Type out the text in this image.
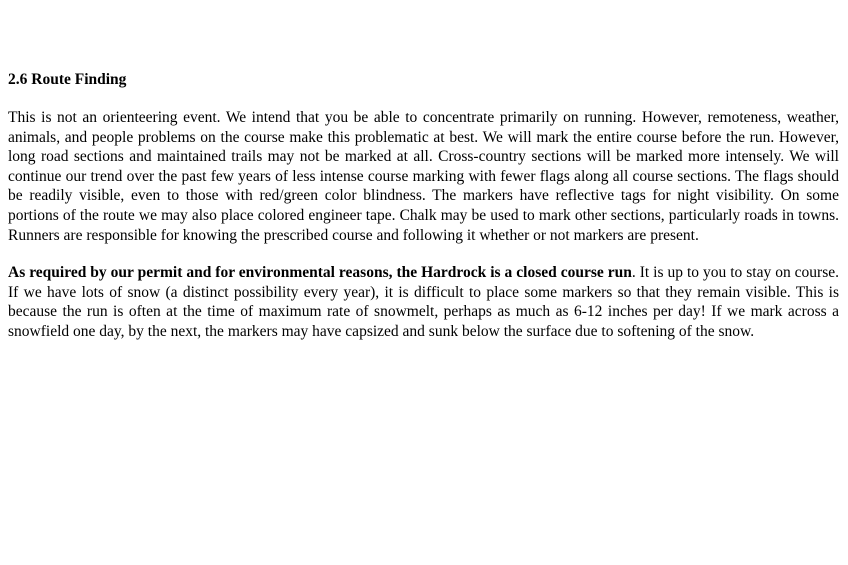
2.6 Route Finding

This is not an orienteering event. We intend that you be able to concentrate primarily on running. However, remoteness, weather, animals, and people problems on the course make this problematic at best. We will mark the entire course before the run. However, long road sections and maintained trails may not be marked at all. Cross-country sections will be marked more intensely. We will continue our trend over the past few years of less intense course marking with fewer flags along all course sections. The flags should be readily visible, even to those with red/green color blindness. The markers have reflective tags for night visibility. On some portions of the route we may also place colored engineer tape. Chalk may be used to mark other sections, particularly roads in towns. Runners are responsible for knowing the prescribed course and following it whether or not markers are present.

As required by our permit and for environmental reasons, the Hardrock is a closed course run. It is up to you to stay on course. If we have lots of snow (a distinct possibility every year), it is difficult to place some markers so that they remain visible. This is because the run is often at the time of maximum rate of snowmelt, perhaps as much as 6-12 inches per day! If we mark across a snowfield one day, by the next, the markers may have capsized and sunk below the surface due to softening of the snow.
